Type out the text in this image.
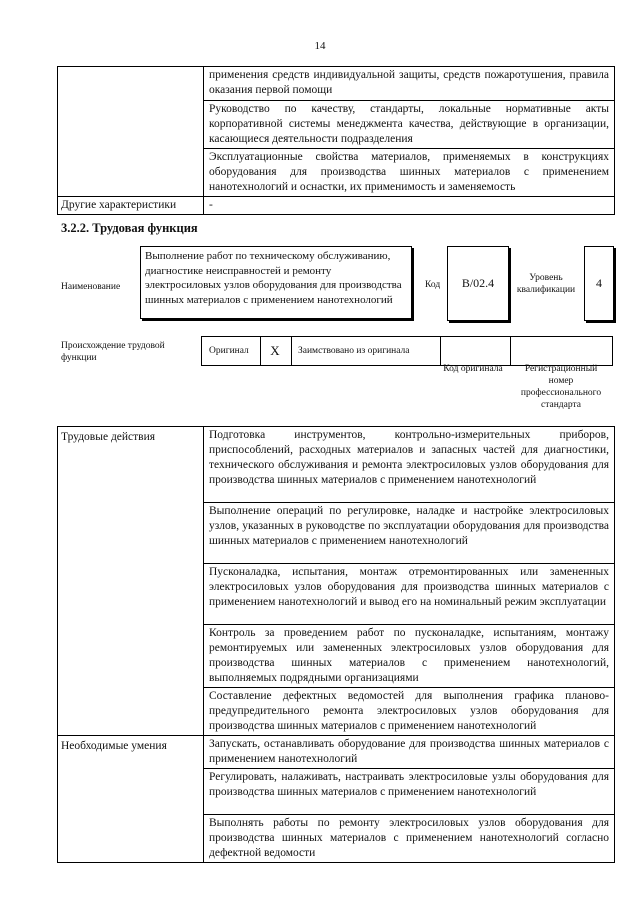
14
	применения средств индивидуальной защиты, средств пожаротушения, правила оказания первой помощи
	Руководство по качеству, стандарты, локальные нормативные акты корпоративной системы менеджмента качества, действующие в организации, касающиеся деятельности подразделения
	Эксплуатационные свойства материалов, применяемых в конструкциях оборудования для производства шинных материалов с применением нанотехнологий и оснастки, их применимость и заменяемость
Другие характеристики	-
3.2.2. Трудовая функция
Наименование
Выполнение работ по техническому обслуживанию, диагностике неисправностей и ремонту электросиловых узлов оборудования для производства шинных материалов с применением нанотехнологий
Код	B/02.4	Уровень квалификации	4
Происхождение трудовой функции
Оригинал	X	Заимствовано из оригинала
Код оригинала	Регистрационный номер профессионального стандарта
Трудовые действия	Подготовка инструментов, контрольно-измерительных приборов, приспособлений, расходных материалов и запасных частей для диагностики, технического обслуживания и ремонта электросиловых узлов оборудования для производства шинных материалов с применением нанотехнологий
	Выполнение операций по регулировке, наладке и настройке электросиловых узлов, указанных в руководстве по эксплуатации оборудования для производства шинных материалов с применением нанотехнологий
	Пусконаладка, испытания, монтаж отремонтированных или замененных электросиловых узлов оборудования для производства шинных материалов с применением нанотехнологий и вывод его на номинальный режим эксплуатации
	Контроль за проведением работ по пусконаладке, испытаниям, монтажу ремонтируемых или замененных электросиловых узлов оборудования для производства шинных материалов с применением нанотехнологий, выполняемых подрядными организациями
	Составление дефектных ведомостей для выполнения графика планово-предупредительного ремонта электросиловых узлов оборудования для производства шинных материалов с применением нанотехнологий
Необходимые умения	Запускать, останавливать оборудование для производства шинных материалов с применением нанотехнологий
	Регулировать, налаживать, настраивать электросиловые узлы оборудования для производства шинных материалов с применением нанотехнологий
	Выполнять работы по ремонту электросиловых узлов оборудования для производства шинных материалов с применением нанотехнологий согласно дефектной ведомости
